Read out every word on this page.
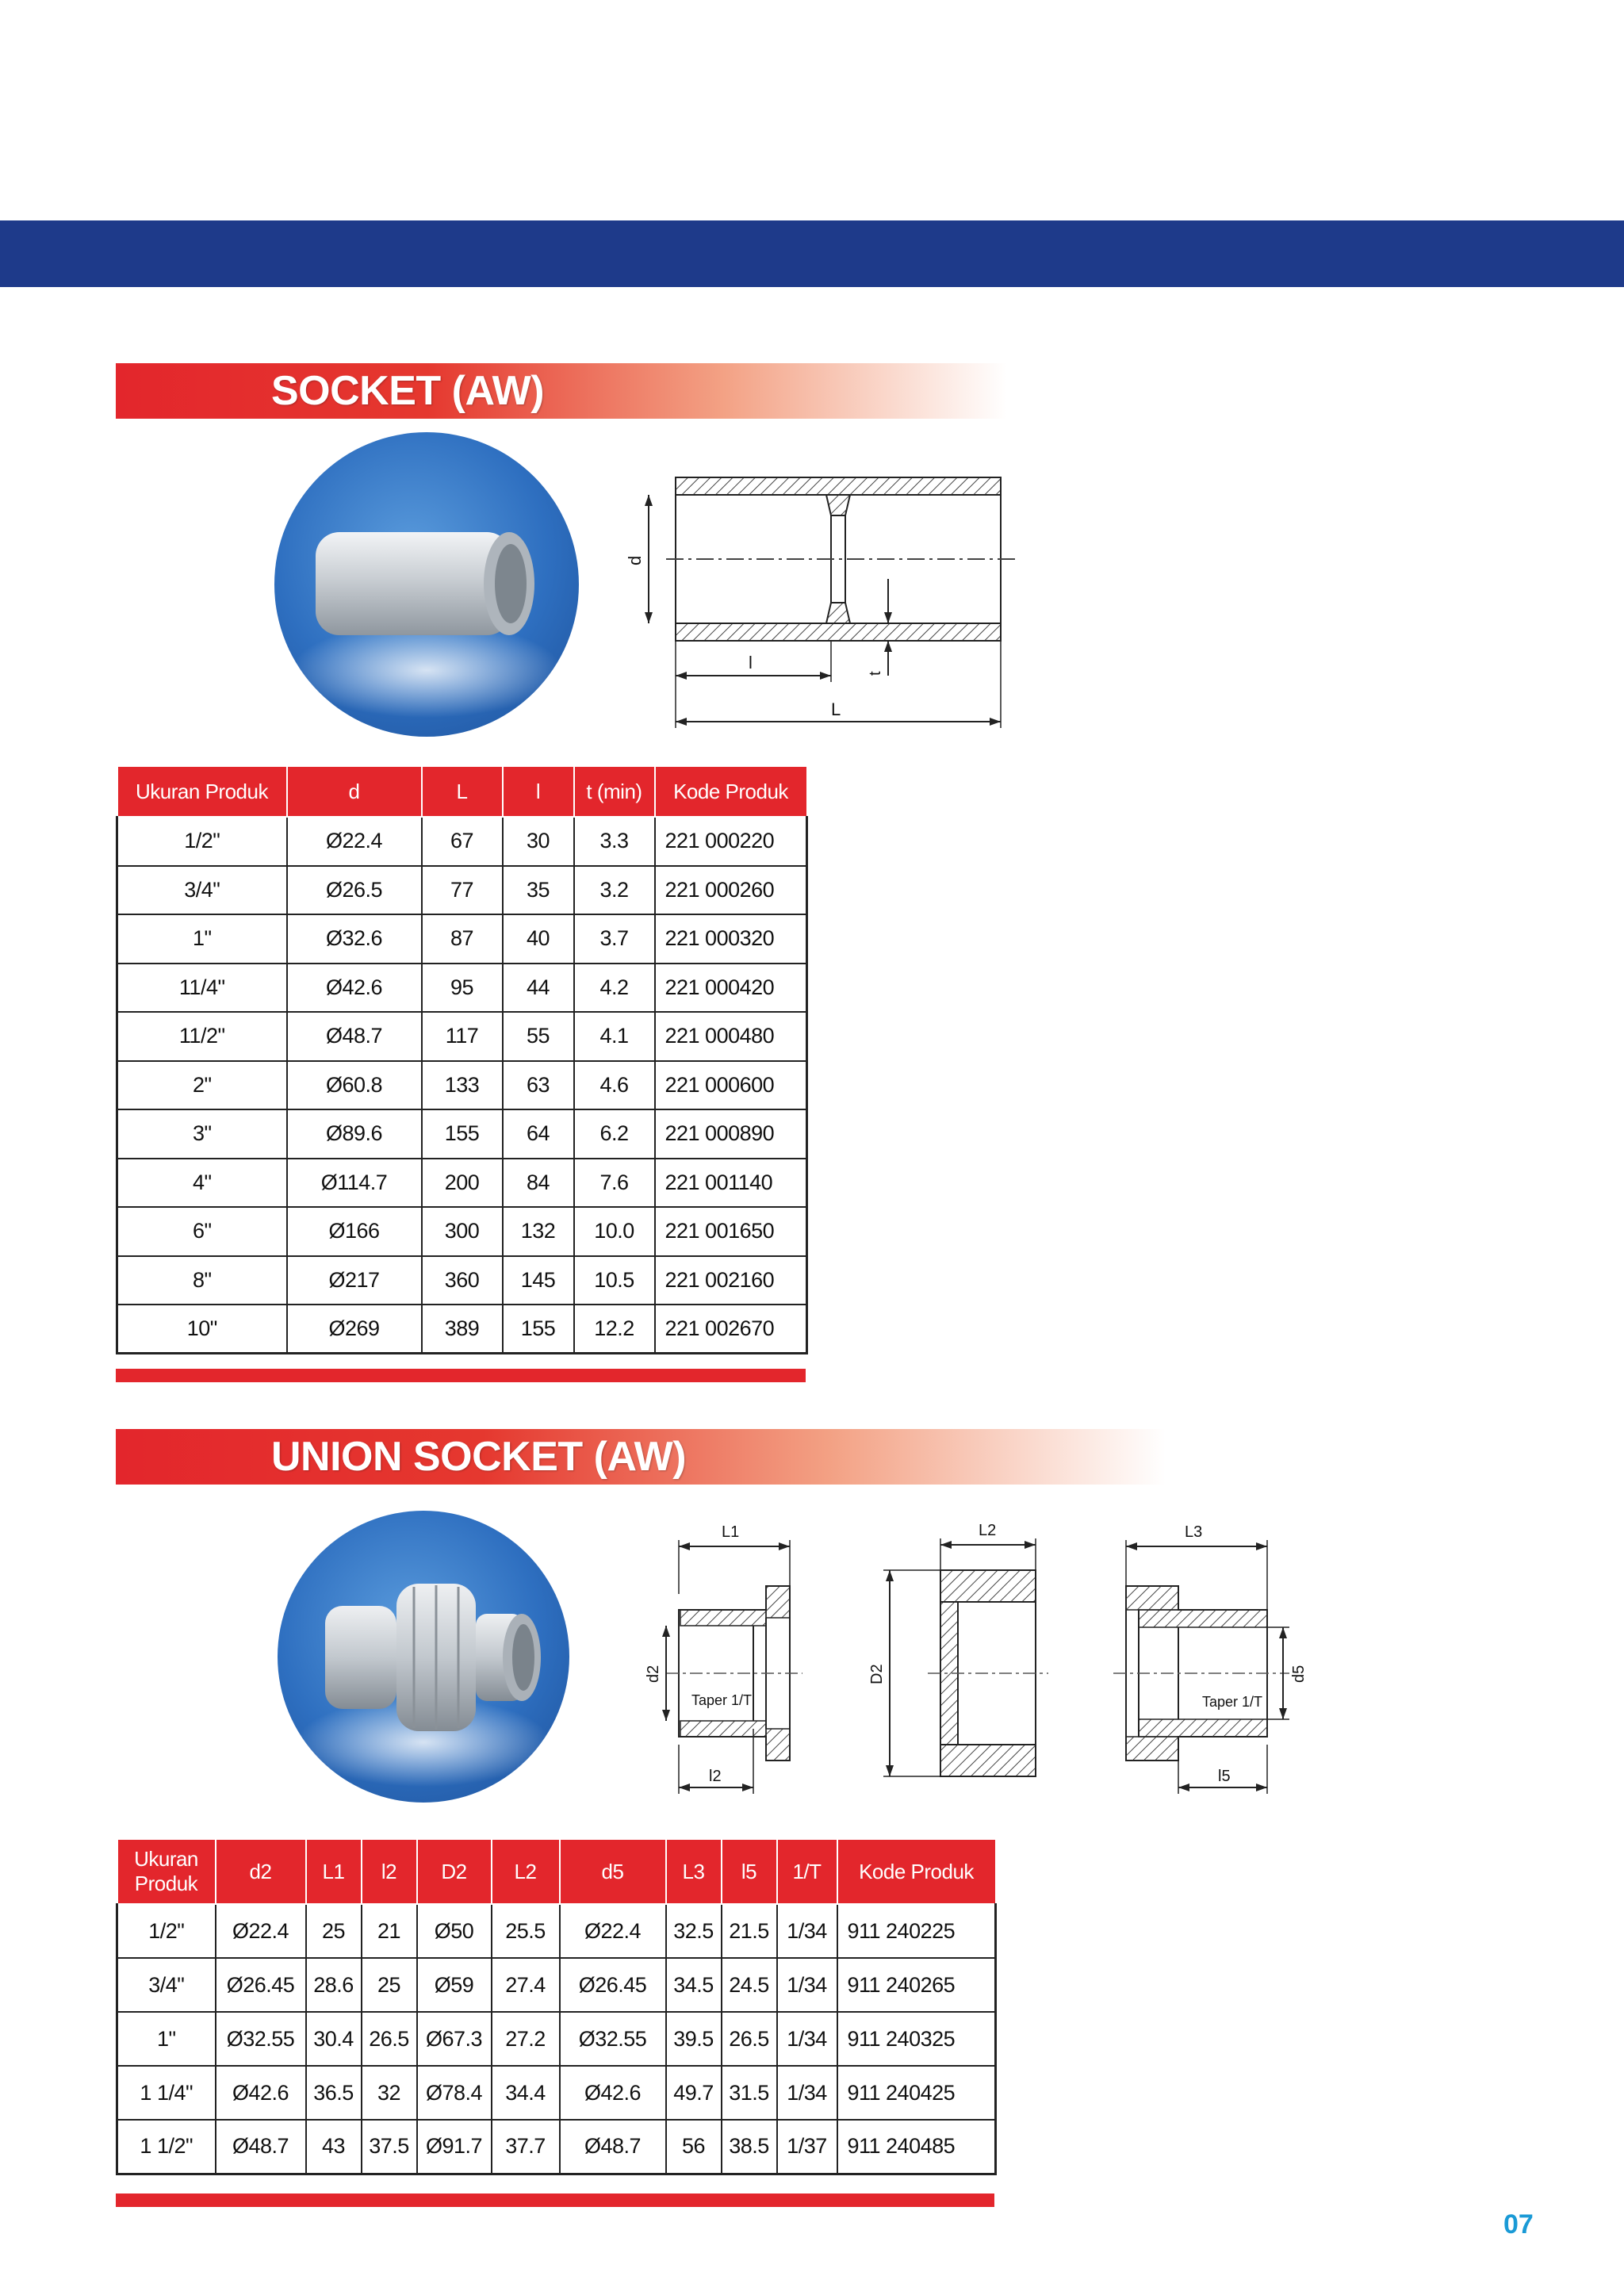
SOCKET (AW)
d
t
l
L
Ukuran Produk	d	L	l	t (min)	Kode Produk
1/2"	Ø22.4	67	30	3.3	221 000220
3/4"	Ø26.5	77	35	3.2	221 000260
1"	Ø32.6	87	40	3.7	221 000320
11/4"	Ø42.6	95	44	4.2	221 000420
11/2"	Ø48.7	117	55	4.1	221 000480
2"	Ø60.8	133	63	4.6	221 000600
3"	Ø89.6	155	64	6.2	221 000890
4"	Ø114.7	200	84	7.6	221 001140
6"	Ø166	300	132	10.0	221 001650
8"	Ø217	360	145	10.5	221 002160
10"	Ø269	389	155	12.2	221 002670
UNION SOCKET (AW)
L1
d2
Taper 1/T
l2
L2
D2
L3
Taper 1/T
d5
l5
Ukuran Produk	d2	L1	l2	D2	L2	d5	L3	l5	1/T	Kode Produk
1/2"	Ø22.4	25	21	Ø50	25.5	Ø22.4	32.5	21.5	1/34	911 240225
3/4"	Ø26.45	28.6	25	Ø59	27.4	Ø26.45	34.5	24.5	1/34	911 240265
1"	Ø32.55	30.4	26.5	Ø67.3	27.2	Ø32.55	39.5	26.5	1/34	911 240325
1 1/4"	Ø42.6	36.5	32	Ø78.4	34.4	Ø42.6	49.7	31.5	1/34	911 240425
1 1/2"	Ø48.7	43	37.5	Ø91.7	37.7	Ø48.7	56	38.5	1/37	911 240485
07
